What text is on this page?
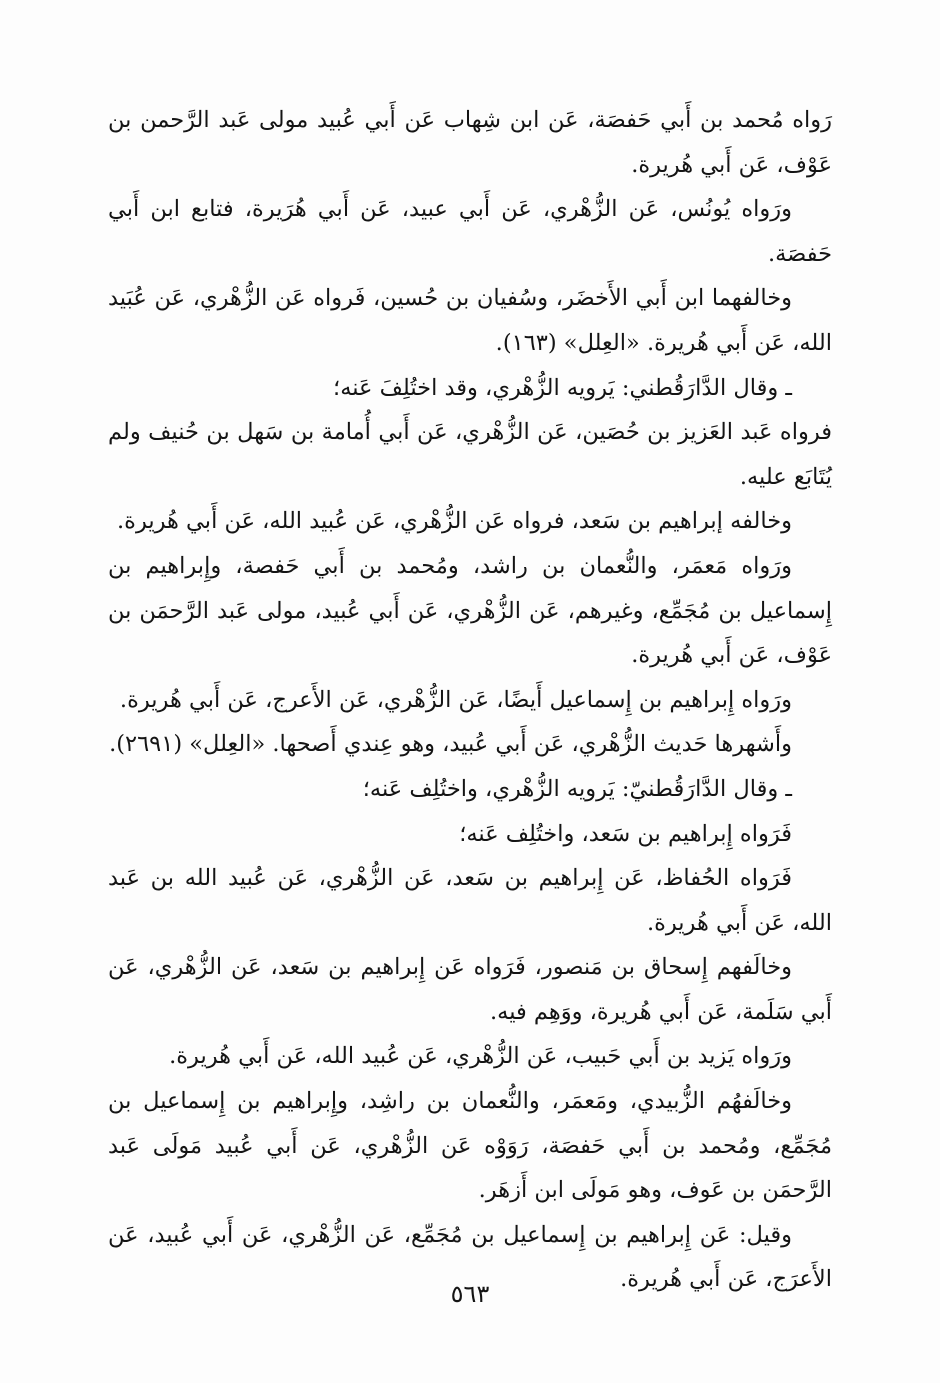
رَواه مُحمد بن أَبي حَفصَة، عَن ابن شِهاب عَن أَبي عُبيد مولى عَبد الرَّحمن بن عَوْف، عَن أَبي هُريرة.

ورَواه يُونُس، عَن الزُّهْري، عَن أَبي عبيد، عَن أَبي هُرَيرة، فتابع ابن أَبي حَفصَة.

وخالفهما ابن أَبي الأَخضَر، وسُفيان بن حُسين، فَرواه عَن الزُّهْري، عَن عُبَيد الله، عَن أَبي هُريرة. «العِلل» (١٦٣).

ـ وقال الدَّارَقُطني: يَرويه الزُّهْري، وقد اختُلِفَ عَنه؛

فرواه عَبد العَزيز بن حُصَين، عَن الزُّهْري، عَن أَبي أُمامة بن سَهل بن حُنيف ولم يُتَابَع عليه.

وخالفه إبراهيم بن سَعد، فرواه عَن الزُّهْري، عَن عُبيد الله، عَن أَبي هُريرة.

ورَواه مَعمَر، والنُّعمان بن راشد، ومُحمد بن أَبي حَفصة، وإِبراهيم بن إِسماعيل بن مُجَمِّع، وغيرهم، عَن الزُّهْري، عَن أَبي عُبيد، مولى عَبد الرَّحمَن بن عَوْف، عَن أَبي هُريرة.

ورَواه إِبراهيم بن إِسماعيل أَيضًا، عَن الزُّهْري، عَن الأَعرج، عَن أَبي هُريرة.

وأَشهرها حَديث الزُّهْري، عَن أَبي عُبيد، وهو عِندي أَصحها. «العِلل» (٢٦٩١).

ـ وقال الدَّارَقُطنيّ: يَرويه الزُّهْري، واختُلِف عَنه؛

فَرَواه إِبراهيم بن سَعد، واختُلِف عَنه؛

فَرَواه الحُفاظ، عَن إِبراهيم بن سَعد، عَن الزُّهْري، عَن عُبيد الله بن عَبد الله، عَن أَبي هُريرة.

وخالَفهم إِسحاق بن مَنصور، فَرَواه عَن إِبراهيم بن سَعد، عَن الزُّهْري، عَن أَبي سَلَمة، عَن أَبي هُريرة، ووَهِم فيه.

ورَواه يَزيد بن أَبي حَبيب، عَن الزُّهْري، عَن عُبيد الله، عَن أَبي هُريرة.

وخالَفهُم الزُّبيدي، ومَعمَر، والنُّعمان بن راشِد، وإِبراهيم بن إِسماعيل بن مُجَمِّع، ومُحمد بن أَبي حَفصَة، رَوَوْه عَن الزُّهْري، عَن أَبي عُبيد مَولَى عَبد الرَّحمَن بن عَوف، وهو مَولَى ابن أَزهَر.

وقيل: عَن إِبراهيم بن إِسماعيل بن مُجَمِّع، عَن الزُّهْري، عَن أَبي عُبيد، عَن الأَعرَج، عَن أَبي هُريرة.

٥٦٣
